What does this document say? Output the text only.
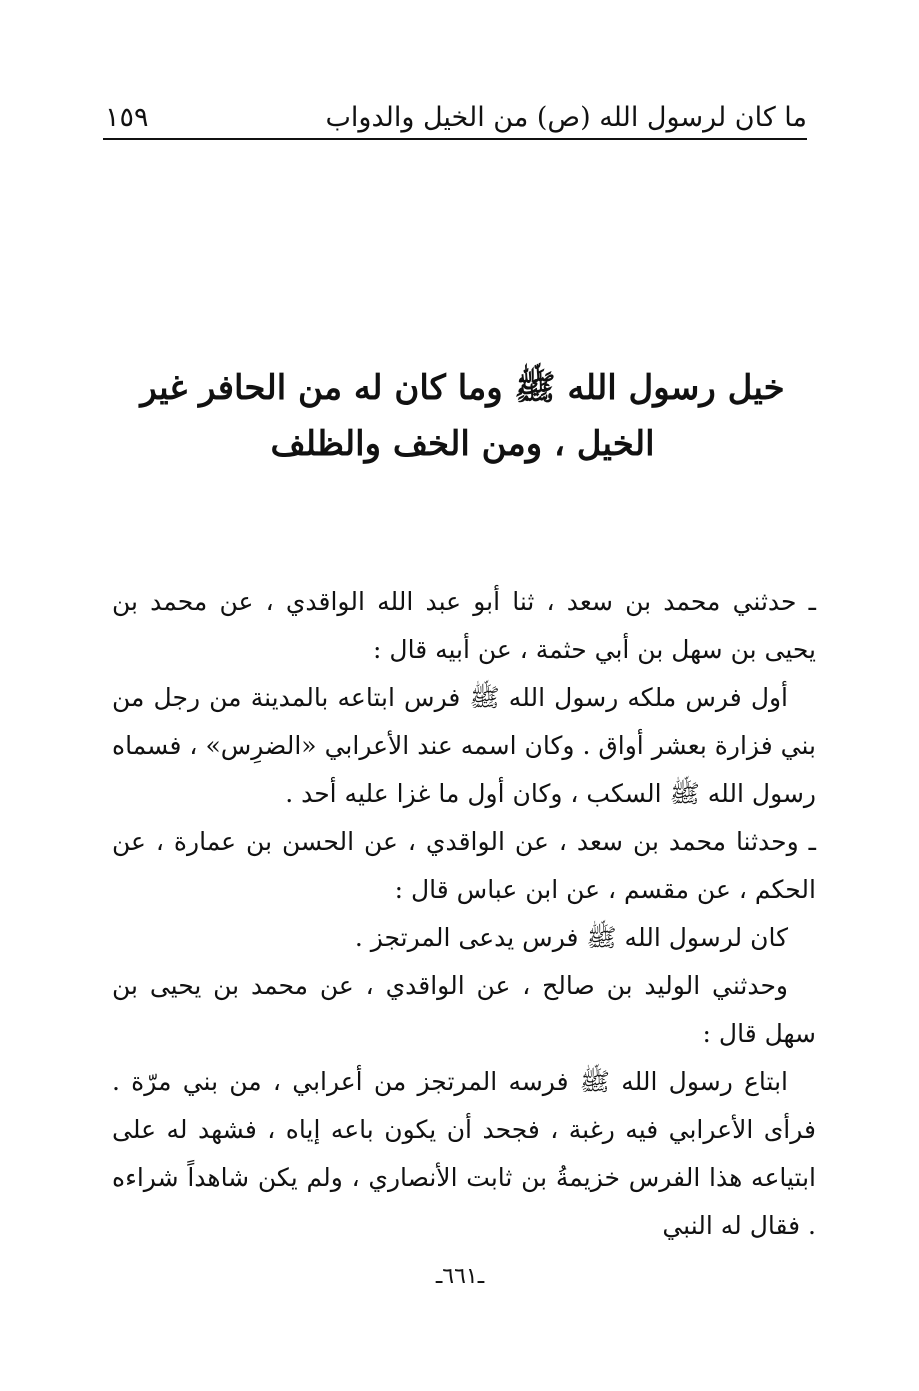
ما كان لرسول الله (ص) من الخيل والدواب
١٥٩
خيل رسول الله ﷺ وما كان له من الحافر غير الخيل ، ومن الخف والظلف

ـ حدثني محمد بن سعد ، ثنا أبو عبد الله الواقدي ، عن محمد بن يحيى بن سهل بن أبي حثمة ، عن أبيه قال :

أول فرس ملكه رسول الله ﷺ فرس ابتاعه بالمدينة من رجل من بني فزارة بعشر أواق . وكان اسمه عند الأعرابي «الضرِس» ، فسماه رسول الله ﷺ السكب ، وكان أول ما غزا عليه أحد .

ـ وحدثنا محمد بن سعد ، عن الواقدي ، عن الحسن بن عمارة ، عن الحكم ، عن مقسم ، عن ابن عباس قال :

كان لرسول الله ﷺ فرس يدعى المرتجز .

وحدثني الوليد بن صالح ، عن الواقدي ، عن محمد بن يحيى بن سهل قال :

ابتاع رسول الله ﷺ فرسه المرتجز من أعرابي ، من بني مرّة . فرأى الأعرابي فيه رغبة ، فجحد أن يكون باعه إياه ، فشهد له على ابتياعه هذا الفرس خزيمةُ بن ثابت الأنصاري ، ولم يكن شاهداً شراءه . فقال له النبي

ـ٦٦١ـ
